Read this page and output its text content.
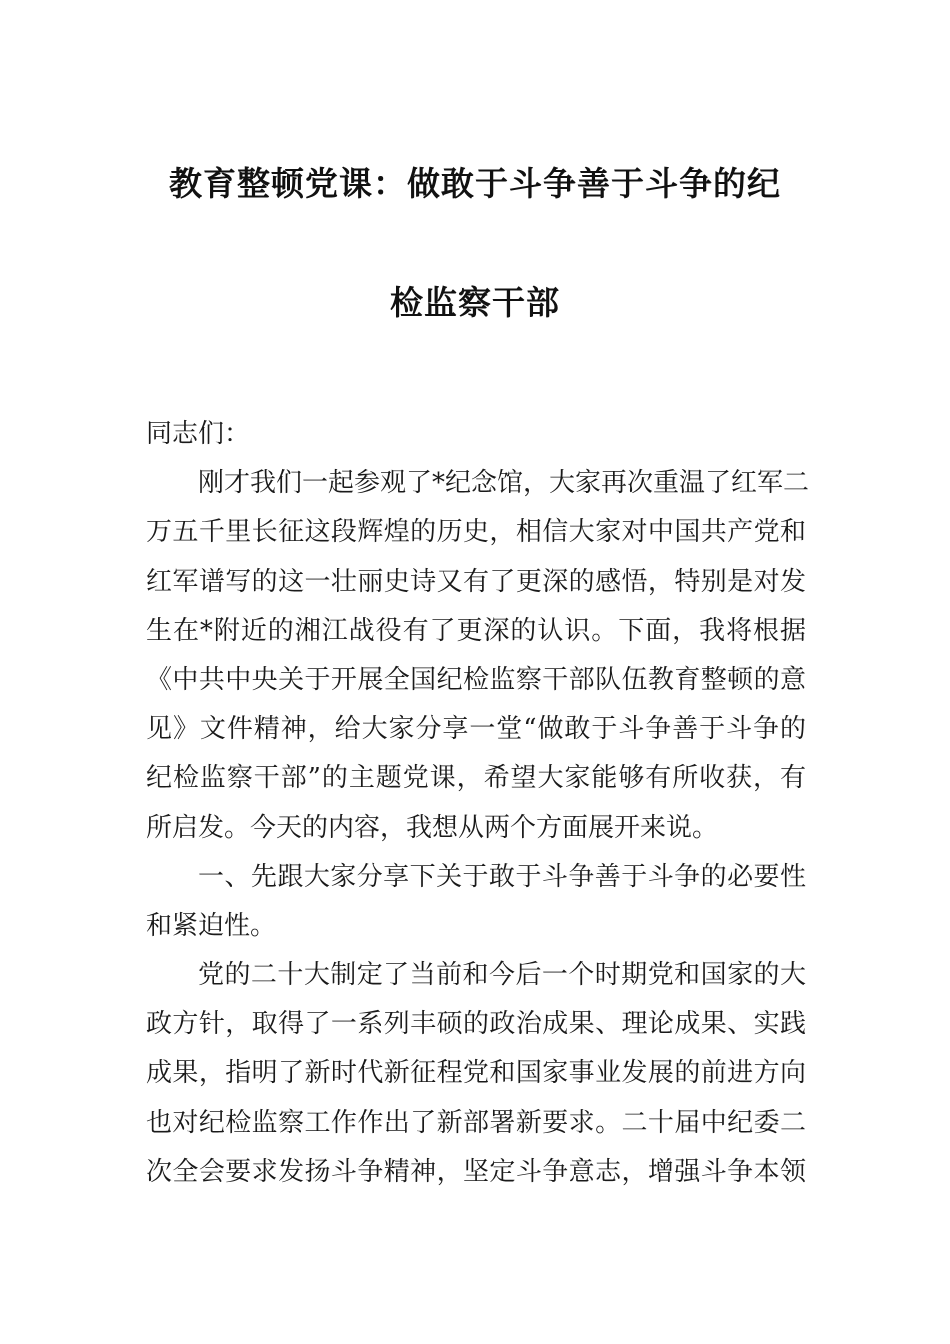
教育整顿党课：做敢于斗争善于斗争的纪
检监察干部
同志们：
刚才我们一起参观了*纪念馆，大家再次重温了红军二
万五千里长征这段辉煌的历史，相信大家对中国共产党和
红军谱写的这一壮丽史诗又有了更深的感悟，特别是对发
生在*附近的湘江战役有了更深的认识。下面，我将根据
《中共中央关于开展全国纪检监察干部队伍教育整顿的意
见》文件精神，给大家分享一堂“做敢于斗争善于斗争的
纪检监察干部”的主题党课，希望大家能够有所收获，有
所启发。今天的内容，我想从两个方面展开来说。
一、先跟大家分享下关于敢于斗争善于斗争的必要性
和紧迫性。
党的二十大制定了当前和今后一个时期党和国家的大
政方针，取得了一系列丰硕的政治成果、理论成果、实践
成果，指明了新时代新征程党和国家事业发展的前进方向
也对纪检监察工作作出了新部署新要求。二十届中纪委二
次全会要求发扬斗争精神，坚定斗争意志，增强斗争本领
